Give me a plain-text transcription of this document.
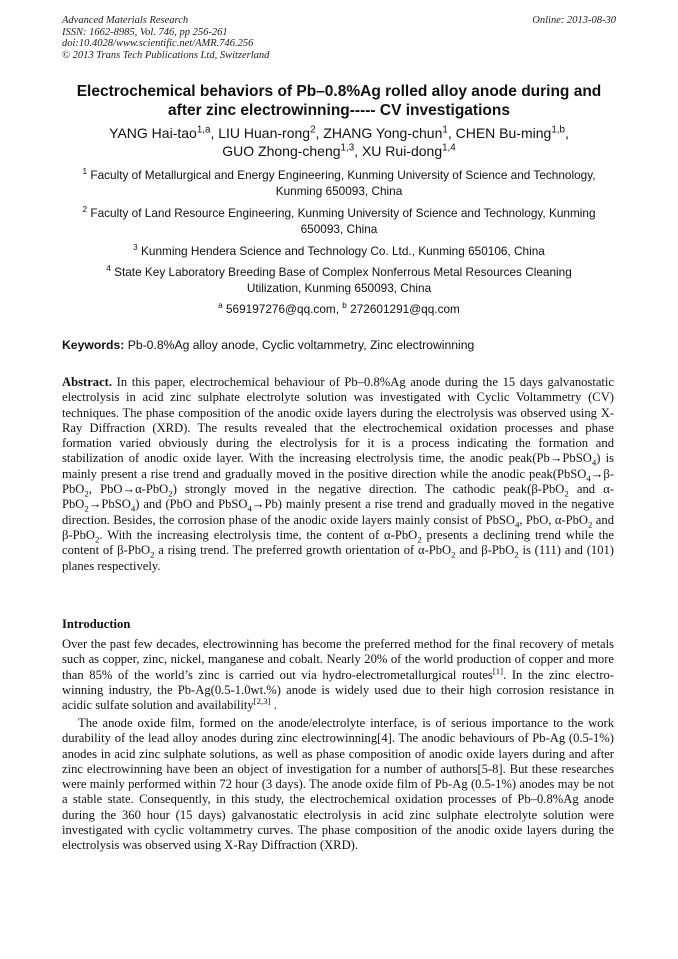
Advanced Materials Research
ISSN: 1662-8985, Vol. 746, pp 256-261
doi:10.4028/www.scientific.net/AMR.746.256
© 2013 Trans Tech Publications Ltd, Switzerland
Online: 2013-08-30
Electrochemical behaviors of Pb–0.8%Ag rolled alloy anode during and
after zinc electrowinning----- CV investigations
YANG Hai-tao$^{1,a}$, LIU Huan-rong$^2$, ZHANG Yong-chun$^1$, CHEN Bu-ming$^{1,b}$,
GUO Zhong-cheng$^{1,3}$, XU Rui-dong$^{1,4}$
$^1$ Faculty of Metallurgical and Energy Engineering, Kunming University of Science and Technology,
Kunming 650093, China
$^2$ Faculty of Land Resource Engineering, Kunming University of Science and Technology, Kunming
650093, China
$^3$ Kunming Hendera Science and Technology Co. Ltd., Kunming 650106, China
$^4$ State Key Laboratory Breeding Base of Complex Nonferrous Metal Resources Cleaning
Utilization, Kunming 650093, China
$^a$ 569197276@qq.com, $^b$ 272601291@qq.com
Keywords: Pb-0.8%Ag alloy anode, Cyclic voltammetry, Zinc electrowinning
Abstract. In this paper, electrochemical behaviour of Pb–0.8%Ag anode during the 15 days galvanostatic electrolysis in acid zinc sulphate electrolyte solution was investigated with Cyclic Voltammetry (CV) techniques. The phase composition of the anodic oxide layers during the electrolysis was observed using X-Ray Diffraction (XRD). The results revealed that the electrochemical oxidation processes and phase formation varied obviously during the electrolysis for it is a process indicating the formation and stabilization of anodic oxide layer. With the increasing electrolysis time, the anodic peak(Pb→PbSO$_4$) is mainly present a rise trend and gradually moved in the positive direction while the anodic peak(PbSO$_4$→β-PbO$_2$, PbO→α-PbO$_2$) strongly moved in the negative direction. The cathodic peak(β-PbO$_2$ and α-PbO$_2$→PbSO$_4$) and (PbO and PbSO$_4$→Pb) mainly present a rise trend and gradually moved in the negative direction. Besides, the corrosion phase of the anodic oxide layers mainly consist of PbSO$_4$, PbO, α-PbO$_2$ and β-PbO$_2$. With the increasing electrolysis time, the content of α-PbO$_2$ presents a declining trend while the content of β-PbO$_2$ a rising trend. The preferred growth orientation of α-PbO$_2$ and β-PbO$_2$ is (111) and (101) planes respectively.
Introduction
Over the past few decades, electrowinning has become the preferred method for the final recovery of metals such as copper, zinc, nickel, manganese and cobalt. Nearly 20% of the world production of copper and more than 85% of the world’s zinc is carried out via hydro-electrometallurgical routes[1]. In the zinc electro-winning industry, the Pb-Ag(0.5-1.0wt.%) anode is widely used due to their high corrosion resistance in acidic sulfate solution and availability[2,3] .
The anode oxide film, formed on the anode/electrolyte interface, is of serious importance to the work durability of the lead alloy anodes during zinc electrowinning[4]. The anodic behaviours of Pb-Ag (0.5-1%) anodes in acid zinc sulphate solutions, as well as phase composition of anodic oxide layers during and after zinc electrowinning have been an object of investigation for a number of authors[5-8]. But these researches were mainly performed within 72 hour (3 days). The anode oxide film of Pb-Ag (0.5-1%) anodes may be not a stable state. Consequently, in this study, the electrochemical oxidation processes of Pb–0.8%Ag anode during the 360 hour (15 days) galvanostatic electrolysis in acid zinc sulphate electrolyte solution were investigated with cyclic voltammetry curves. The phase composition of the anodic oxide layers during the electrolysis was observed using X-Ray Diffraction (XRD).
